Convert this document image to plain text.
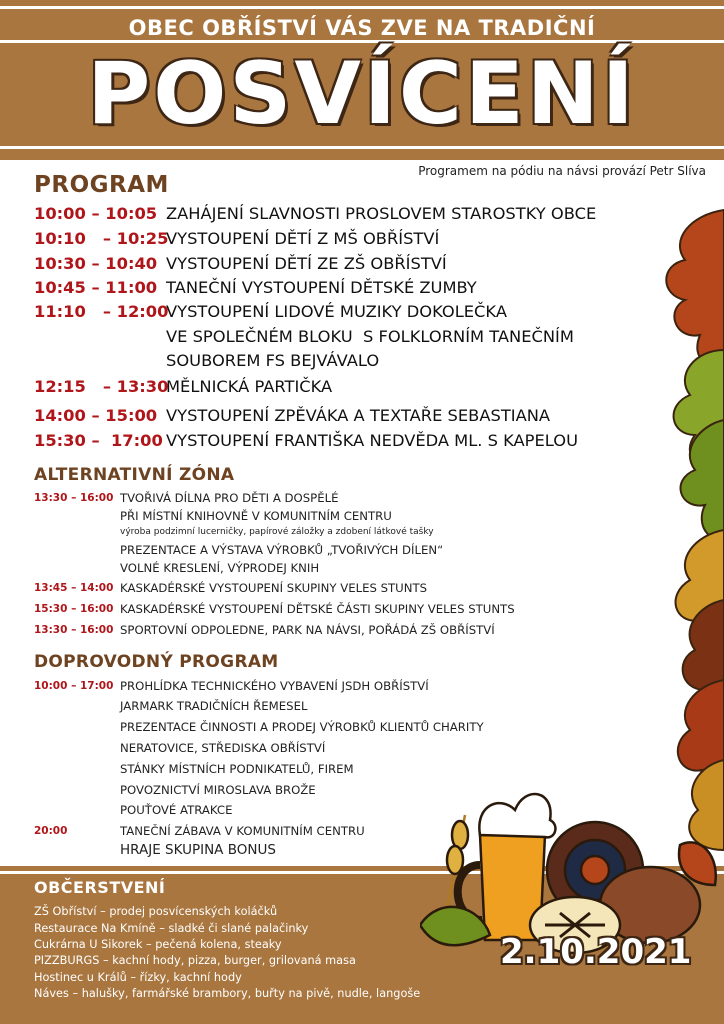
OBEC OBŘÍSTVÍ VÁS ZVE NA TRADIČNÍ
POSVÍCENÍ
Programem na pódiu na návsi provází Petr Slíva
PROGRAM
10:00 – 10:05 ZAHÁJENÍ SLAVNOSTI PROSLOVEM STAROSTKY OBCE
10:10   – 10:25
VYSTOUPENÍ DĚTÍ Z MŠ OBŘÍSTVÍ
10:30 – 10:40 VYSTOUPENÍ DĚTÍ ZE ZŠ OBŘÍSTVÍ
10:45 – 11:00 TANEČNÍ VYSTOUPENÍ DĚTSKÉ ZUMBY
11:10   – 12:00
VYSTOUPENÍ LIDOVÉ MUZIKY DOKOLEČKA
VE SPOLEČNÉM BLOKU  S FOLKLORNÍM TANEČNÍM
SOUBOREM FS BEJVÁVALO
12:15   – 13:30
MĚLNICKÁ PARTIČKA
14:00 – 15:00 VYSTOUPENÍ ZPĚVÁKA A TEXTAŘE SEBASTIANA
15:30 –  17:00 VYSTOUPENÍ FRANTIŠKA NEDVĚDA ML. S KAPELOU
ALTERNATIVNÍ ZÓNA
13:30 – 16:00 TVOŘIVÁ DÍLNA PRO DĚTI A DOSPĚLÉ
PŘI MÍSTNÍ KNIHOVNĚ V KOMUNITNÍM CENTRU
výroba podzimní lucerničky, papírové záložky a zdobení látkové tašky
PREZENTACE A VÝSTAVA VÝROBKŮ „TVOŘIVÝCH DÍLEN“
VOLNÉ KRESLENÍ, VÝPRODEJ KNIH
13:45 – 14:00 KASKADÉRSKÉ VYSTOUPENÍ SKUPINY VELES STUNTS
15:30 – 16:00 KASKADÉRSKÉ VYSTOUPENÍ DĚTSKÉ ČÁSTI SKUPINY VELES STUNTS
13:30 – 16:00 SPORTOVNÍ ODPOLEDNE, PARK NA NÁVSI, POŘÁDÁ ZŠ OBŘÍSTVÍ
DOPROVODNÝ PROGRAM
10:00 – 17:00 PROHLÍDKA TECHNICKÉHO VYBAVENÍ JSDH OBŘÍSTVÍ
JARMARK TRADIČNÍCH ŘEMESEL
PREZENTACE ČINNOSTI A PRODEJ VÝROBKŮ KLIENTŮ CHARITY
NERATOVICE, STŘEDISKA OBŘÍSTVÍ
STÁNKY MÍSTNÍCH PODNIKATELŮ, FIREM
POVOZNICTVÍ MIROSLAVA BROŽE
POUŤOVÉ ATRAKCE
20:00	TANEČNÍ ZÁBAVA V KOMUNITNÍM CENTRU
HRAJE SKUPINA BONUS
OBČERSTVENÍ
ZŠ Obříství – prodej posvícenských koláčků
Restaurace Na Kmíně – sladké či slané palačinky
Cukrárna U Sikorek – pečená kolena, steaky
PIZZBURGS – kachní hody, pizza, burger, grilovaná masa
Hostinec u Králů – řízky, kachní hody
Náves – halušky, farmářské brambory, buřty na pivě, nudle, langoše
2.10.2021
